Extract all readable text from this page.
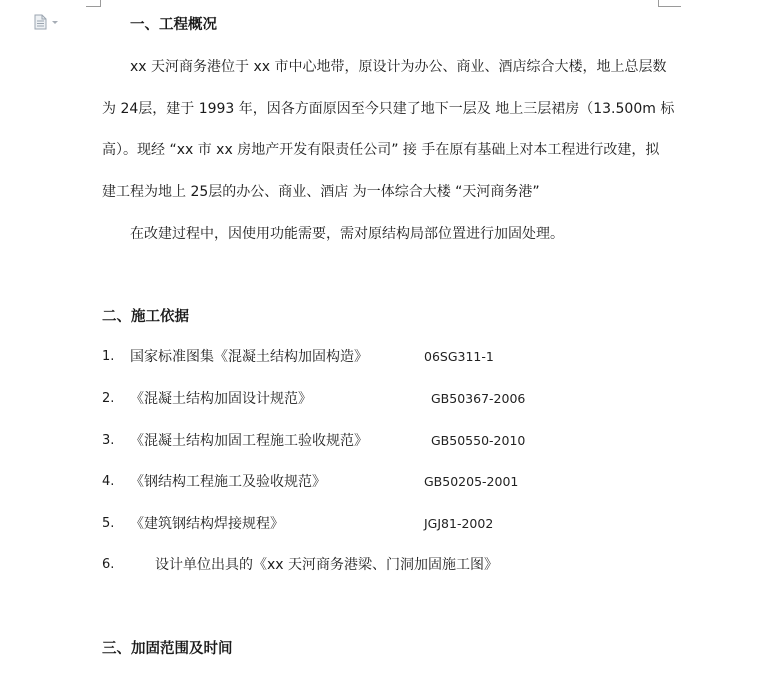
一、工程概况
xx 天河商务港位于 xx 市中心地带，原设计为办公、商业、酒店综合大楼，地上总层数
为 24层，建于 1993 年，因各方面原因至今只建了地下一层及 地上三层裙房（13.500m 标
高）。现经 “xx 市 xx 房地产开发有限责任公司” 接 手在原有基础上对本工程进行改建，拟
建工程为地上 25层的办公、商业、酒店 为一体综合大楼 “天河商务港”
在改建过程中，因使用功能需要，需对原结构局部位置进行加固处理。
二、施工依据
1. 国家标准图集《混凝土结构加固构造》	06SG311-1
2. 《混凝土结构加固设计规范》	GB50367-2006
3. 《混凝土结构加固工程施工验收规范》	GB50550-2010
4. 《钢结构工程施工及验收规范》	GB50205-2001
5. 《建筑钢结构焊接规程》	JGJ81-2002
6.	设计单位出具的《xx 天河商务港梁、门洞加固施工图》
三、加固范围及时间
